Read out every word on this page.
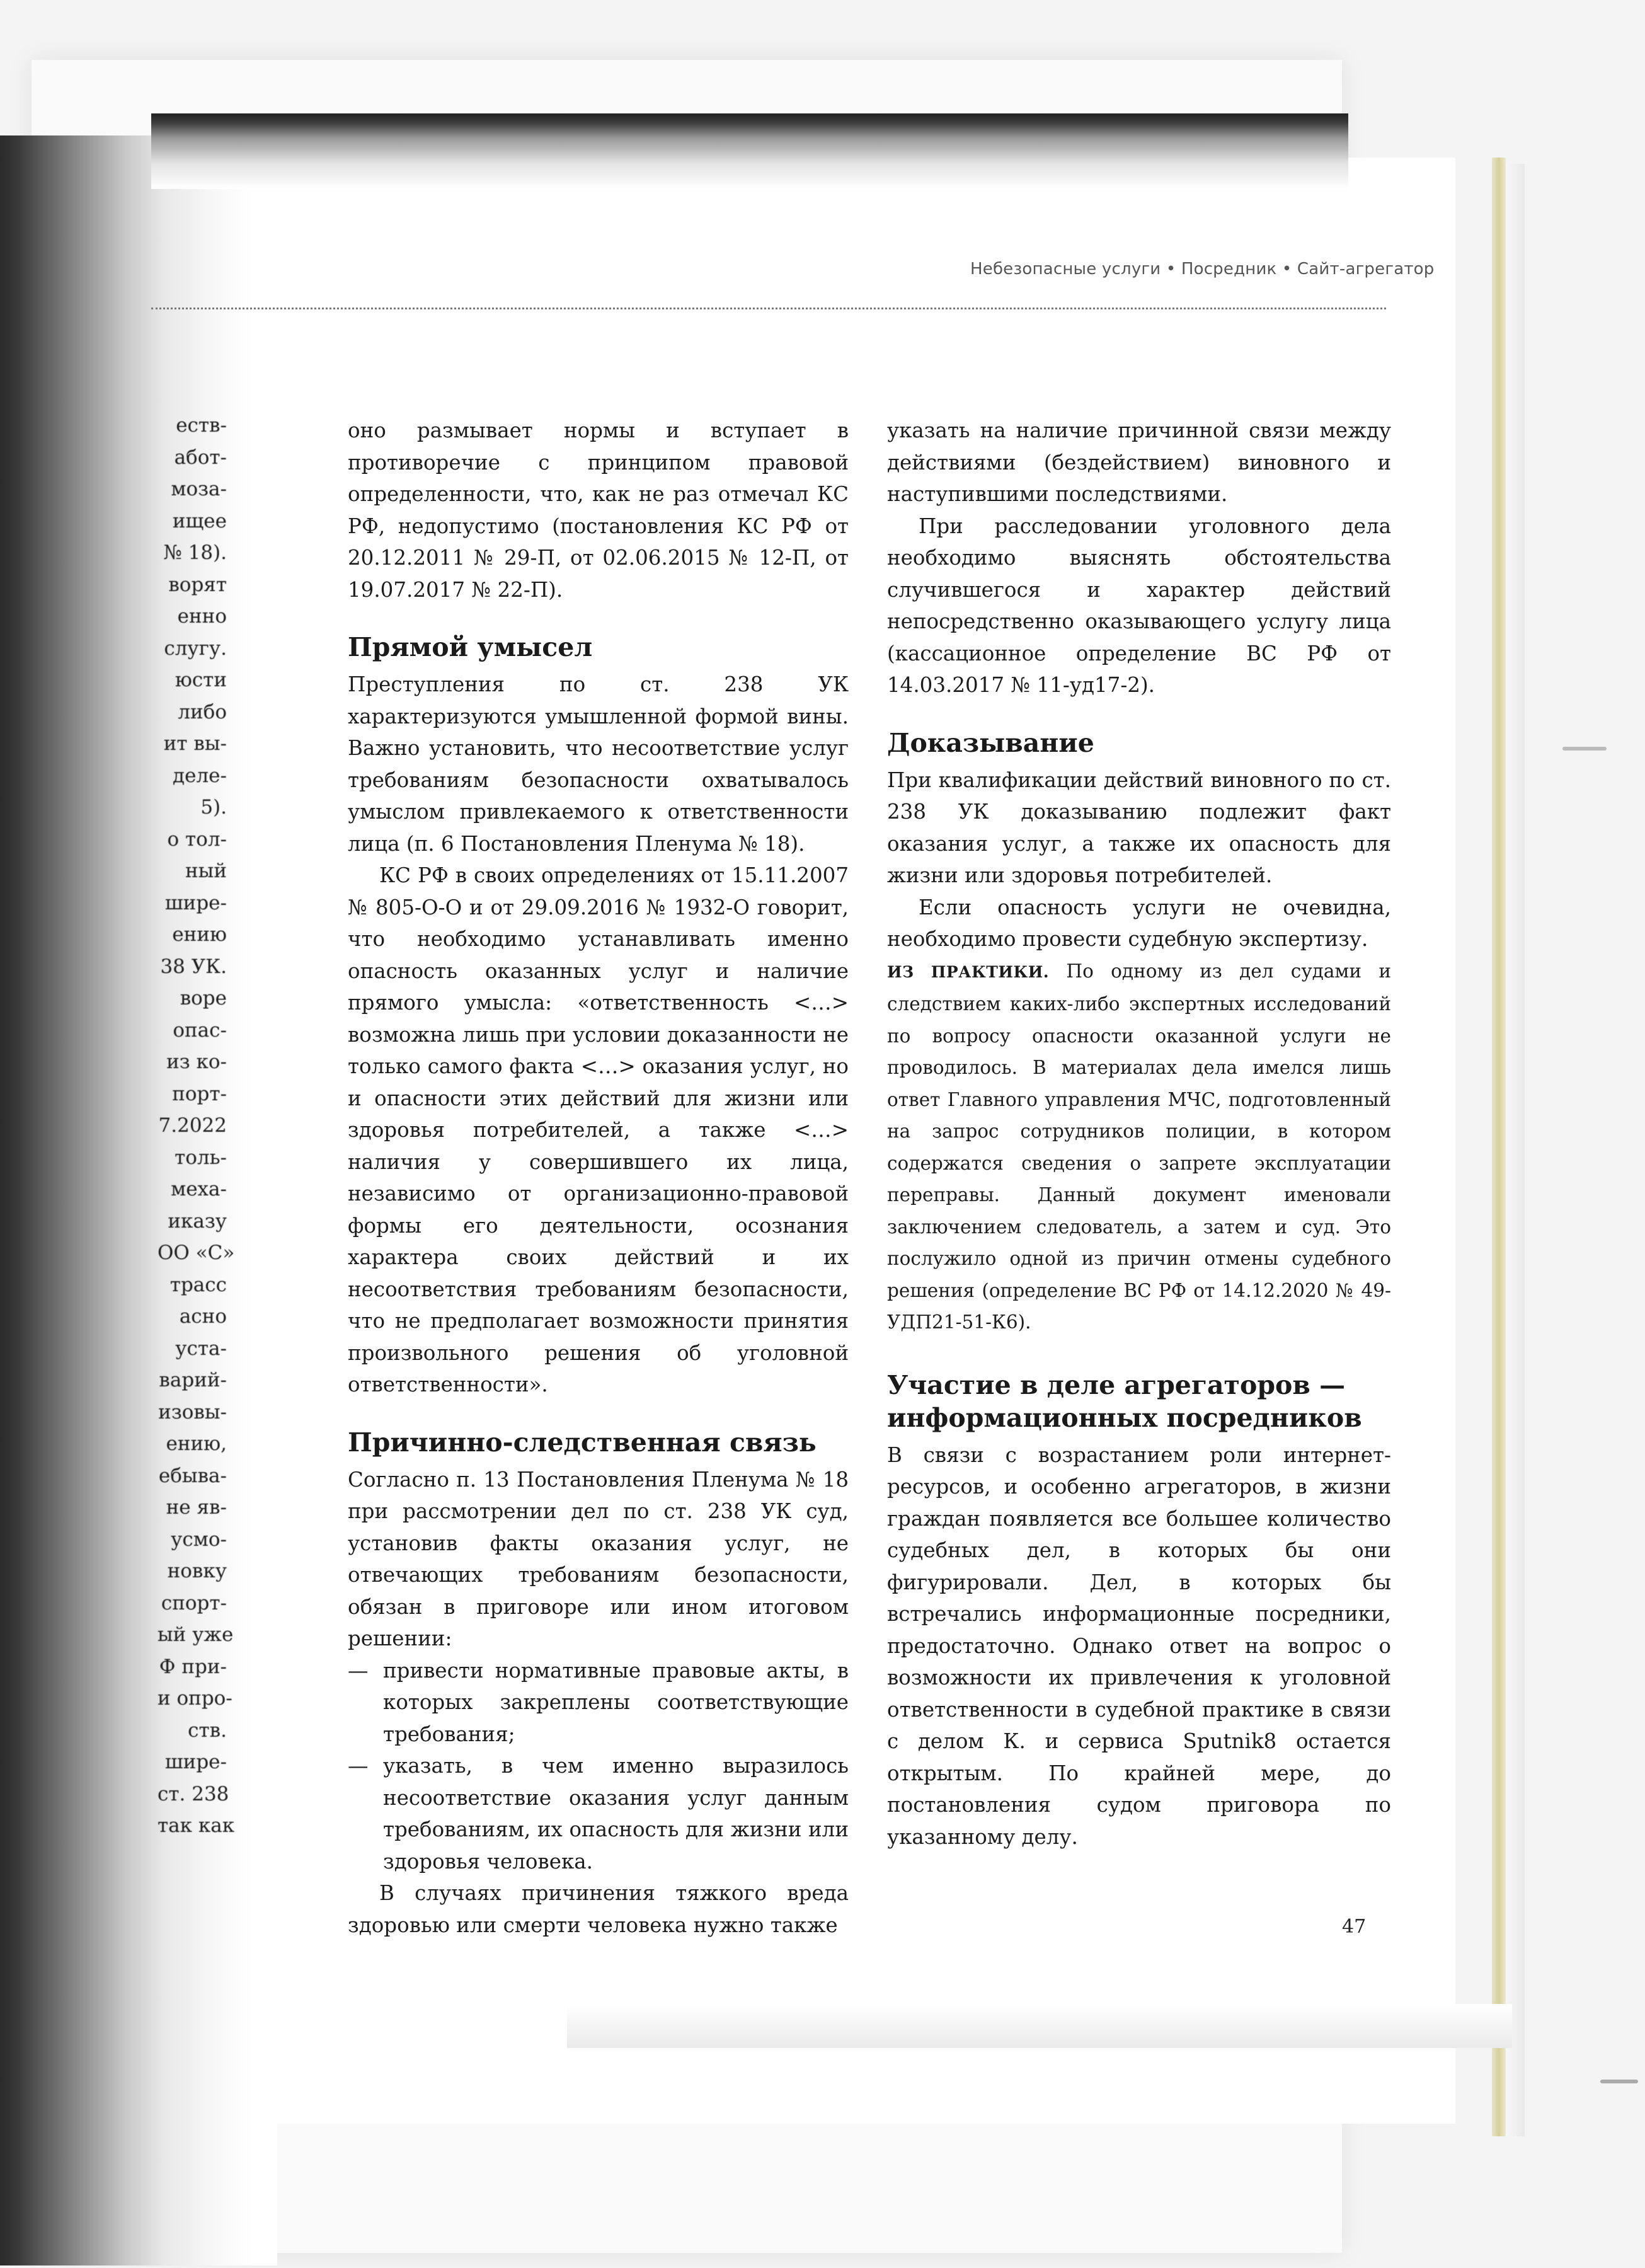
еств-
абот-
моза-
ищее
№ 18).
ворят
енно
слугу.
юсти
либо
ит вы-
деле-
5).
о тол-
ный
шире-
ению
38 УК.
воре
опас-
из ко-
порт-
7.2022
толь-
меха-
иказу
ОО «С»
трасс
асно
уста-
варий-
изовы-
ению,
ебыва-
не яв-
усмо-
новку
спорт-
ый уже
Ф при-
и опро-
ств.
шире-
ст. 238
так как
Небезопасные услуги • Посредник • Сайт-агрегатор

оно размывает нормы и вступает в противоречие с принципом правовой определенности, что, как не раз отмечал КС РФ, недопустимо (постановления КС РФ от 20.12.2011 № 29-П, от 02.06.2015 № 12-П, от 19.07.2017 № 22-П).

Прямой умысел

Преступления по ст. 238 УК характеризуются умышленной формой вины. Важно установить, что несоответствие услуг требованиям безопасности охватывалось умыслом привлекаемого к ответственности лица (п. 6 Постановления Пленума № 18).

КС РФ в своих определениях от 15.11.2007 № 805-О-О и от 29.09.2016 № 1932-О говорит, что необходимо устанавливать именно опасность оказанных услуг и наличие прямого умысла: «ответственность <…> возможна лишь при условии доказанности не только самого факта <…> оказания услуг, но и опасности этих действий для жизни или здоровья потребителей, а также <…> наличия у совершившего их лица, независимо от организационно-правовой формы его деятельности, осознания характера своих действий и их несоответствия требованиям безопасности, что не предполагает возможности принятия произвольного решения об уголовной ответственности».

Причинно-следственная связь

Согласно п. 13 Постановления Пленума № 18 при рассмотрении дел по ст. 238 УК суд, установив факты оказания услуг, не отвечающих требованиям безопасности, обязан в приговоре или ином итоговом решении:

— привести нормативные правовые акты, в которых закреплены соответствующие требования;
— указать, в чем именно выразилось несоответствие оказания услуг данным требованиям, их опасность для жизни или здоровья человека.

В случаях причинения тяжкого вреда здоровью или смерти человека нужно также

указать на наличие причинной связи между действиями (бездействием) виновного и наступившими последствиями.

При расследовании уголовного дела необходимо выяснять обстоятельства случившегося и характер действий непосредственно оказывающего услугу лица (кассационное определение ВС РФ от 14.03.2017 № 11-уд17-2).

Доказывание

При квалификации действий виновного по ст. 238 УК доказыванию подлежит факт оказания услуг, а также их опасность для жизни или здоровья потребителей.

Если опасность услуги не очевидна, необходимо провести судебную экспертизу.

ИЗ ПРАКТИКИ. По одному из дел судами и следствием каких-либо экспертных исследований по вопросу опасности оказанной услуги не проводилось. В материалах дела имелся лишь ответ Главного управления МЧС, подготовленный на запрос сотрудников полиции, в котором содержатся сведения о запрете эксплуатации переправы. Данный документ именовали заключением следователь, а затем и суд. Это послужило одной из причин отмены судебного решения (определение ВС РФ от 14.12.2020 № 49-УДП21-51-К6).

Участие в деле агрегаторов — информационных посредников

В связи с возрастанием роли интернет-ресурсов, и особенно агрегаторов, в жизни граждан появляется все большее количество судебных дел, в которых бы они фигурировали. Дел, в которых бы встречались информационные посредники, предостаточно. Однако ответ на вопрос о возможности их привлечения к уголовной ответственности в судебной практике в связи с делом К. и сервиса Sputnik8 остается открытым. По крайней мере, до постановления судом приговора по указанному делу.

47
